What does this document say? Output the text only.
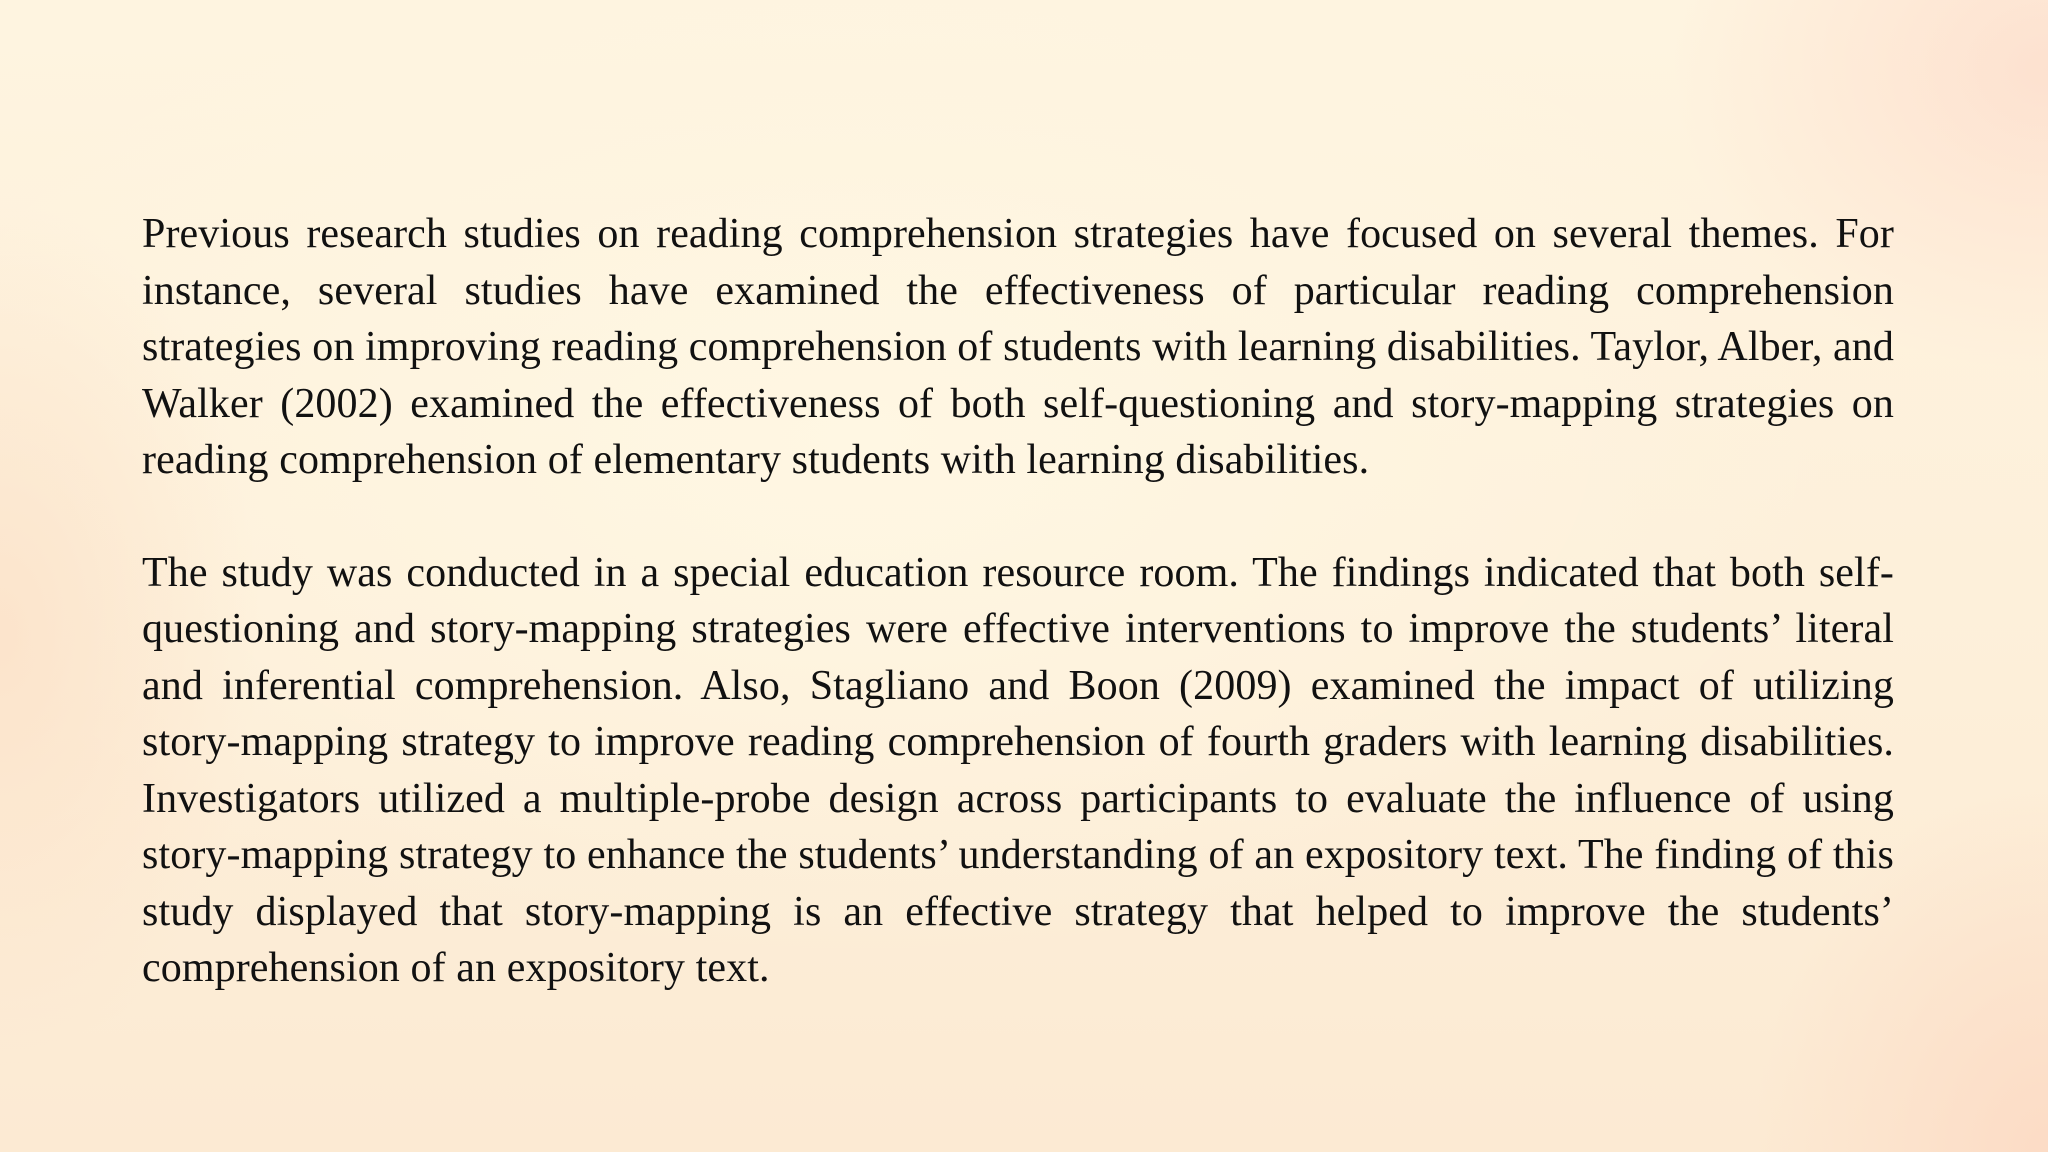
Previous research studies on reading comprehension strategies have focused on several themes. For instance, several studies have examined the effectiveness of particular reading comprehension strategies on improving reading comprehension of students with learning disabilities. Taylor, Alber, and Walker (2002) examined the effectiveness of both self-questioning and story-mapping strategies on reading comprehension of elementary students with learning disabilities.

The study was conducted in a special education resource room. The findings indicated that both self-questioning and story-mapping strategies were effective interventions to improve the students’ literal and inferential comprehension. Also, Stagliano and Boon (2009) examined the impact of utilizing story-mapping strategy to improve reading comprehension of fourth graders with learning disabilities. Investigators utilized a multiple-probe design across participants to evaluate the influence of using story-mapping strategy to enhance the students’ understanding of an expository text. The finding of this study displayed that story-mapping is an effective strategy that helped to improve the students’ comprehension of an expository text.
